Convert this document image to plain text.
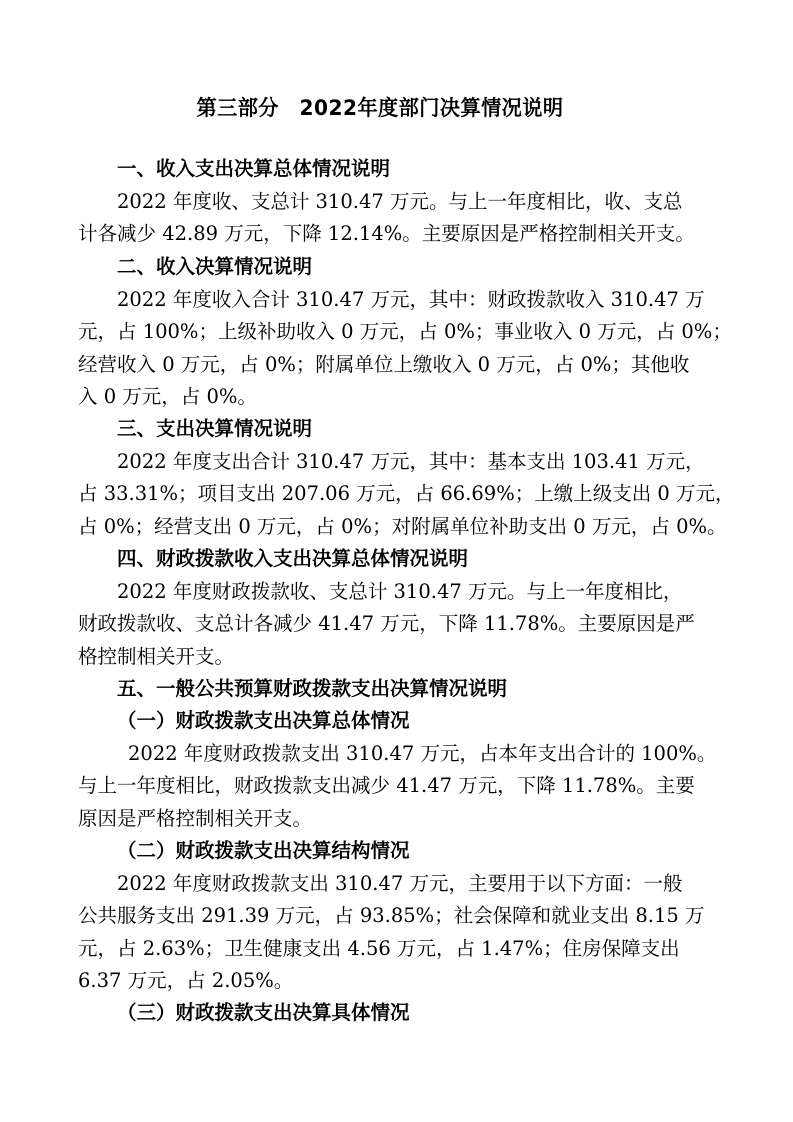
第三部分　2022年度部门决算情况说明
一、收入支出决算总体情况说明
2022 年度收、支总计 310.47 万元。与上一年度相比，收、支总
计各减少 42.89 万元，下降 12.14%。主要原因是严格控制相关开支。
二、收入决算情况说明
2022 年度收入合计 310.47 万元，其中：财政拨款收入 310.47 万
元，占 100%；上级补助收入 0 万元，占 0%；事业收入 0 万元，占 0%；
经营收入 0 万元，占 0%；附属单位上缴收入 0 万元，占 0%；其他收
入 0 万元，占 0%。
三、支出决算情况说明
2022 年度支出合计 310.47 万元，其中：基本支出 103.41 万元，
占 33.31%；项目支出 207.06 万元，占 66.69%；上缴上级支出 0 万元，
占 0%；经营支出 0 万元，占 0%；对附属单位补助支出 0 万元，占 0%。
四、财政拨款收入支出决算总体情况说明
2022 年度财政拨款收、支总计 310.47 万元。与上一年度相比，
财政拨款收、支总计各减少 41.47 万元，下降 11.78%。主要原因是严
格控制相关开支。
五、一般公共预算财政拨款支出决算情况说明
（一）财政拨款支出决算总体情况
2022 年度财政拨款支出 310.47 万元，占本年支出合计的 100%。
与上一年度相比，财政拨款支出减少 41.47 万元，下降 11.78%。主要
原因是严格控制相关开支。
（二）财政拨款支出决算结构情况
2022 年度财政拨款支出 310.47 万元，主要用于以下方面：一般
公共服务支出 291.39 万元，占 93.85%；社会保障和就业支出 8.15 万
元，占 2.63%；卫生健康支出 4.56 万元，占 1.47%；住房保障支出
6.37 万元，占 2.05%。
（三）财政拨款支出决算具体情况
